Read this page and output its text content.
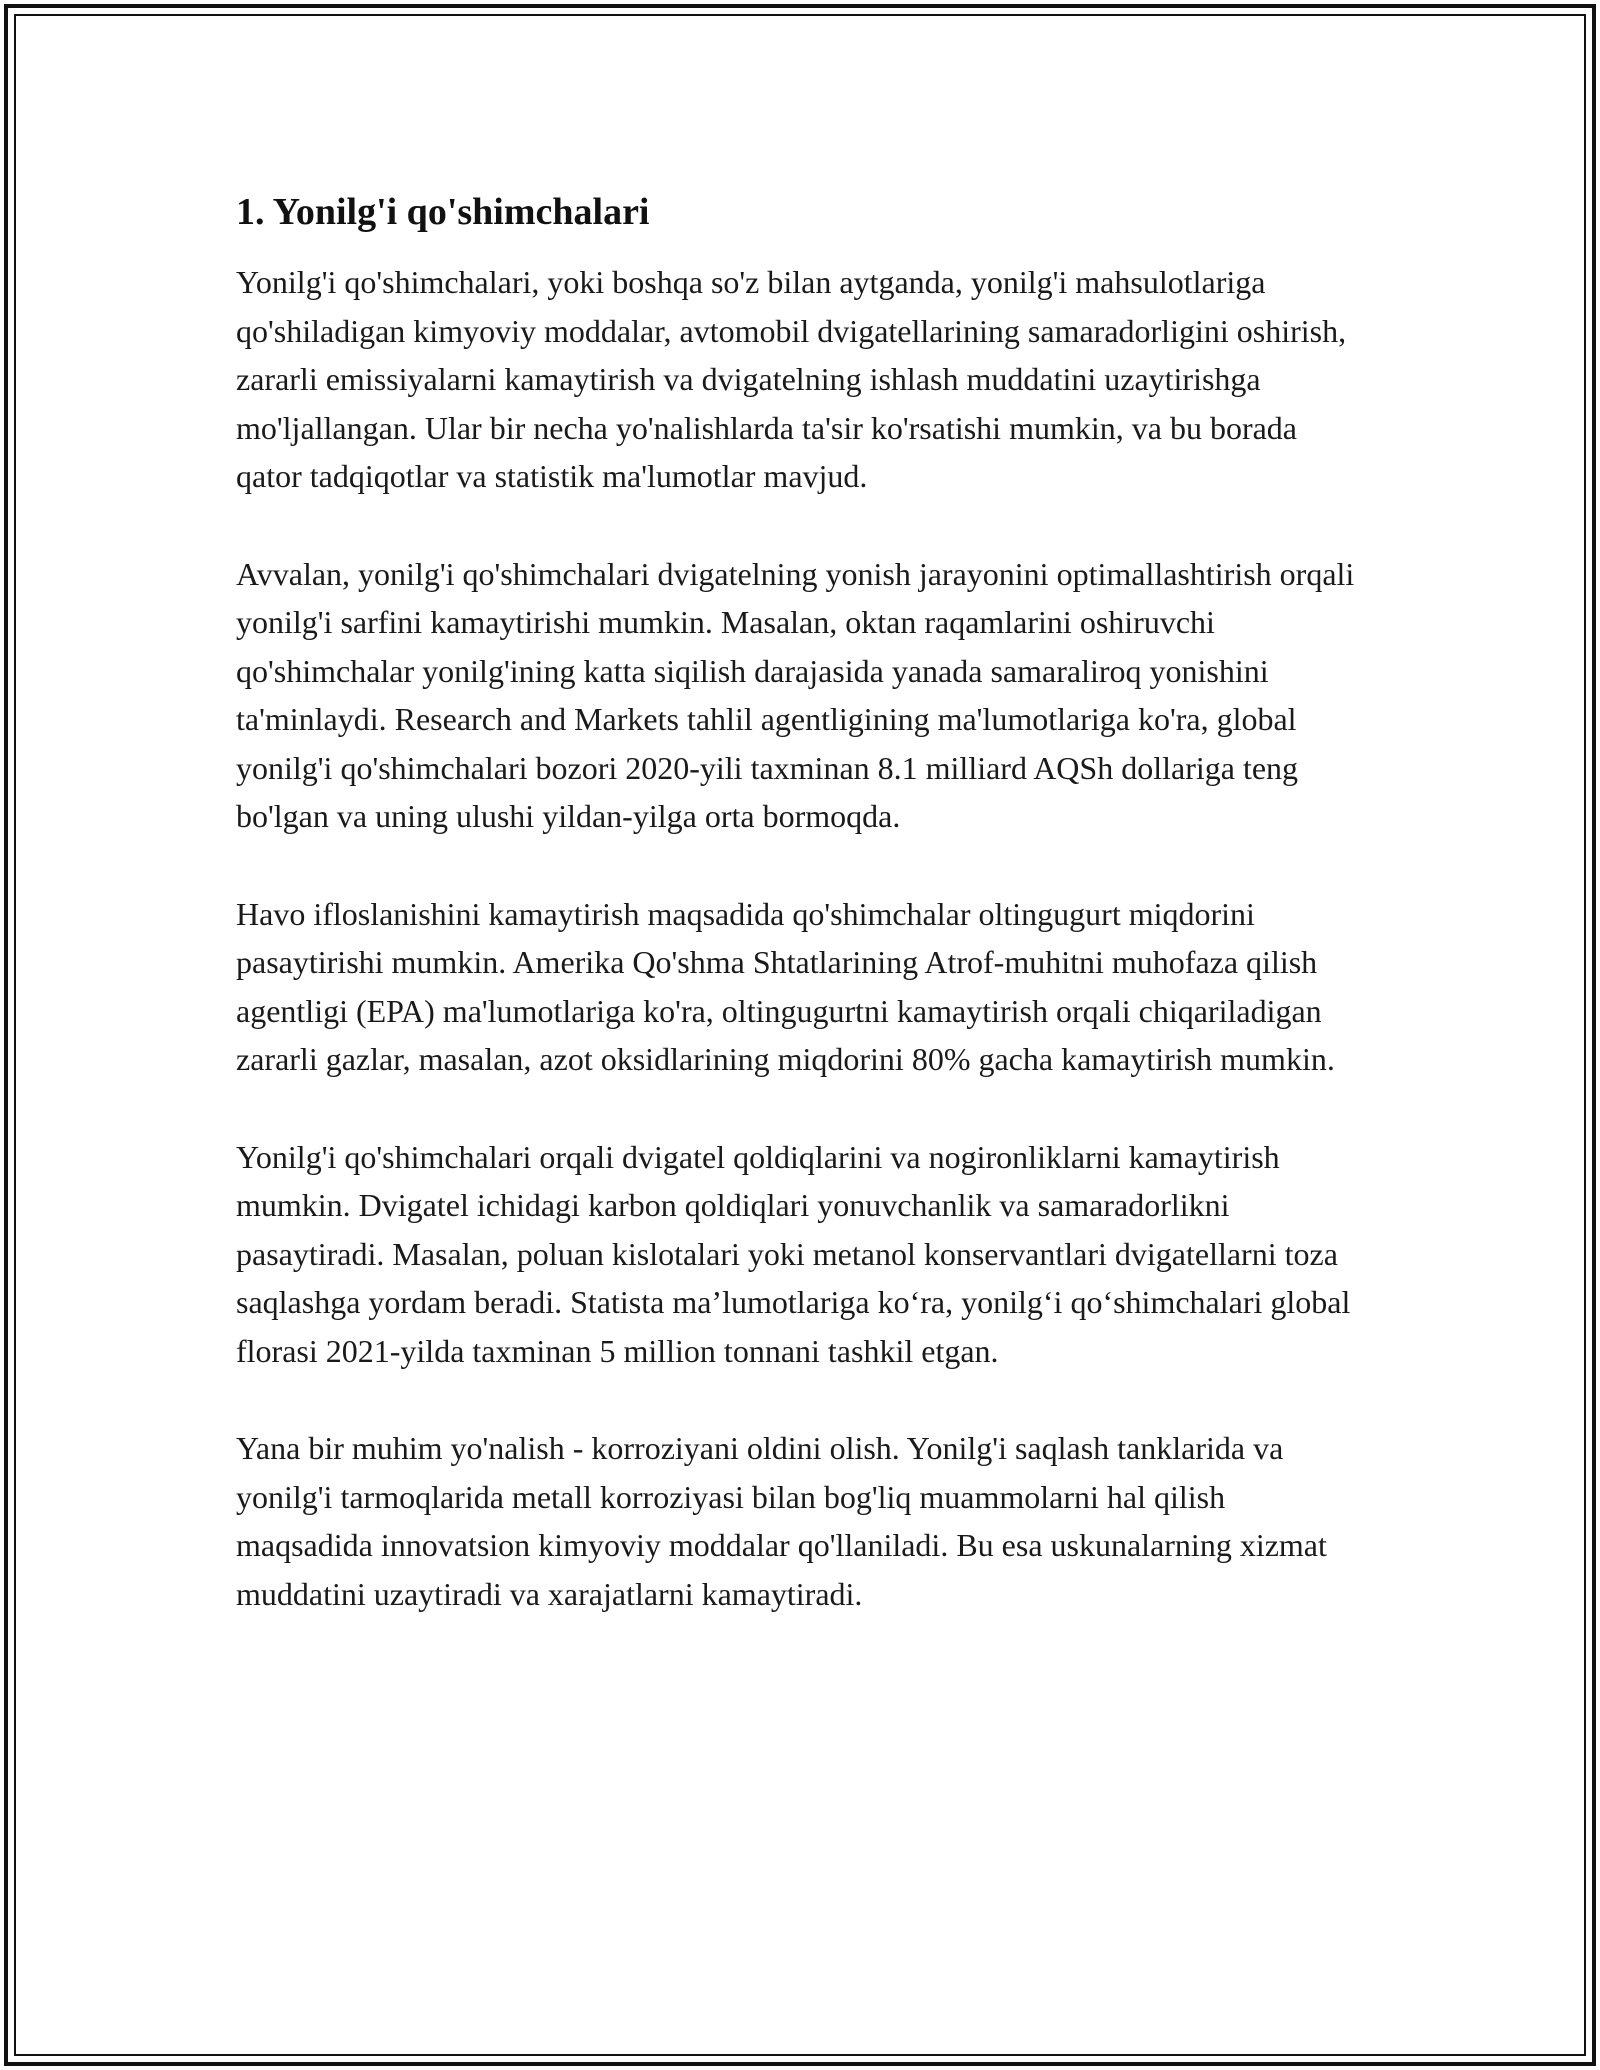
1. Yonilg'i qo'shimchalari

Yonilg'i qo'shimchalari, yoki boshqa so'z bilan aytganda, yonilg'i mahsulotlariga qo'shiladigan kimyoviy moddalar, avtomobil dvigatellarining samaradorligini oshirish, zararli emissiyalarni kamaytirish va dvigatelning ishlash muddatini uzaytirishga mo'ljallangan. Ular bir necha yo'nalishlarda ta'sir ko'rsatishi mumkin, va bu borada qator tadqiqotlar va statistik ma'lumotlar mavjud.

Avvalan, yonilg'i qo'shimchalari dvigatelning yonish jarayonini optimallashtirish orqali yonilg'i sarfini kamaytirishi mumkin. Masalan, oktan raqamlarini oshiruvchi qo'shimchalar yonilg'ining katta siqilish darajasida yanada samaraliroq yonishini ta'minlaydi. Research and Markets tahlil agentligining ma'lumotlariga ko'ra, global yonilg'i qo'shimchalari bozori 2020-yili taxminan 8.1 milliard AQSh dollariga teng bo'lgan va uning ulushi yildan-yilga orta bormoqda.

Havo ifloslanishini kamaytirish maqsadida qo'shimchalar oltingugurt miqdorini pasaytirishi mumkin. Amerika Qo'shma Shtatlarining Atrof-muhitni muhofaza qilish agentligi (EPA) ma'lumotlariga ko'ra, oltingugurtni kamaytirish orqali chiqariladigan zararli gazlar, masalan, azot oksidlarining miqdorini 80% gacha kamaytirish mumkin.

Yonilg'i qo'shimchalari orqali dvigatel qoldiqlarini va nogironliklarni kamaytirish mumkin. Dvigatel ichidagi karbon qoldiqlari yonuvchanlik va samaradorlikni pasaytiradi. Masalan, poluan kislotalari yoki metanol konservantlari dvigatellarni toza saqlashga yordam beradi. Statista ma’lumotlariga ko‘ra, yonilg‘i qo‘shimchalari global florasi 2021-yilda taxminan 5 million tonnani tashkil etgan.

Yana bir muhim yo'nalish - korroziyani oldini olish. Yonilg'i saqlash tanklarida va yonilg'i tarmoqlarida metall korroziyasi bilan bog'liq muammolarni hal qilish maqsadida innovatsion kimyoviy moddalar qo'llaniladi. Bu esa uskunalarning xizmat muddatini uzaytiradi va xarajatlarni kamaytiradi.
